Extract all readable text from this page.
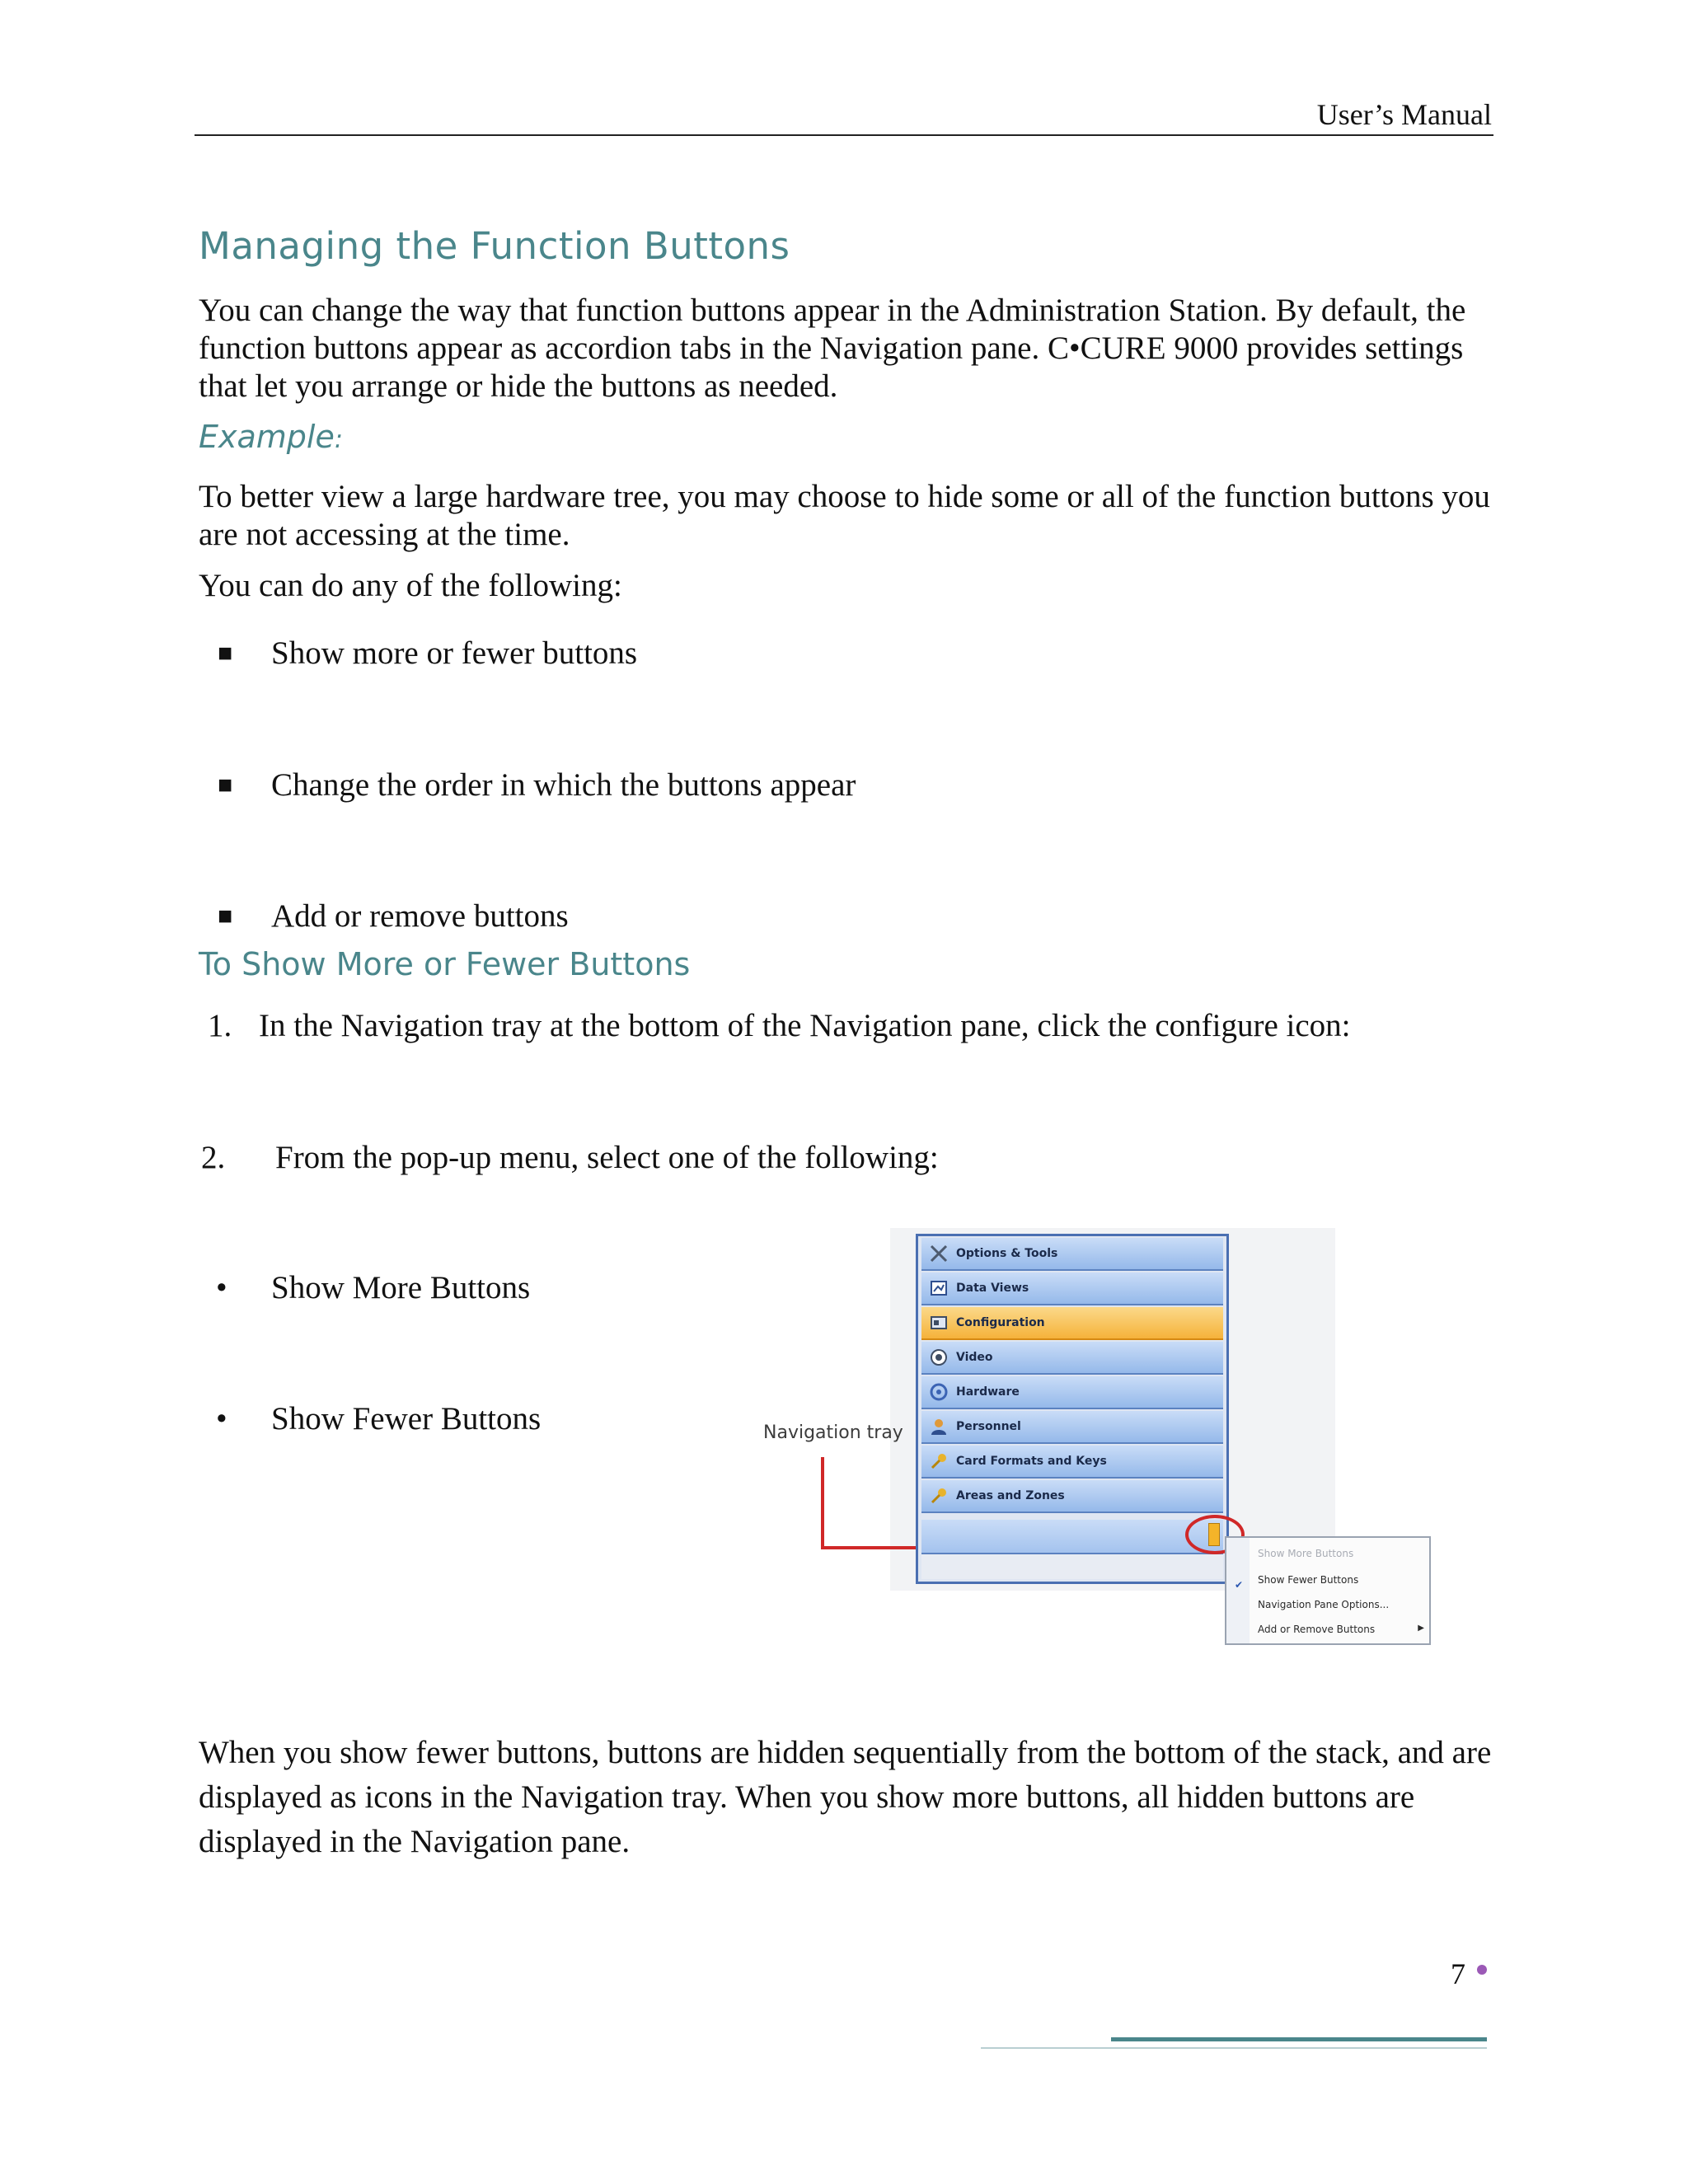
User’s Manual
Managing the Function Buttons
You can change the way that function buttons appear in the Administration Station. By default, the function buttons appear as accordion tabs in the Navigation pane. C•CURE 9000 provides settings that let you arrange or hide the buttons as needed.
Example:
To better view a large hardware tree, you may choose to hide some or all of the function buttons you are not accessing at the time.
You can do any of the following:
■ Show more or fewer buttons
■ Change the order in which the buttons appear
■ Add or remove buttons
To Show More or Fewer Buttons
1. In the Navigation tray at the bottom of the Navigation pane, click the configure icon:
2. From the pop-up menu, select one of the following:
• Show More Buttons
• Show Fewer Buttons	Navigation tray
Options & Tools
Data Views
Configuration
Video
Hardware
Personnel
Card Formats and Keys
Areas and Zones
Show More Buttons
✔ Show Fewer Buttons
Navigation Pane Options...
Add or Remove Buttons	▶
When you show fewer buttons, buttons are hidden sequentially from the bottom of the stack, and are displayed as icons in the Navigation tray. When you show more buttons, all hidden buttons are displayed in the Navigation pane.
7
